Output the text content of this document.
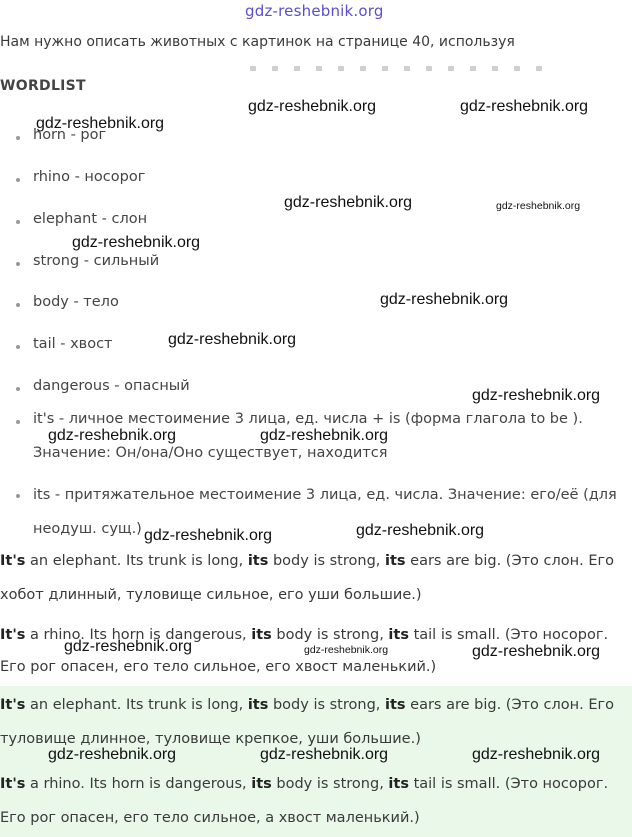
gdz-reshebnik.org
Нам нужно описать животных с картинок на странице 40, используя
WORDLIST
horn - рог
rhino - носорог
elephant - слон
strong - сильный
body - тело
tail - хвост
dangerous - опасный
it's - личное местоимение 3 лица, ед. числа + is (форма глагола to be ). Значение: Он/она/Оно существует, находится
its - притяжательное местоимение 3 лица, ед. числа. Значение: его/её (для неодуш. сущ.)
It's an elephant. Its trunk is long, its body is strong, its ears are big. (Это слон. Его хобот длинный, туловище сильное, его уши большие.)
It's a rhino. Its horn is dangerous, its body is strong, its tail is small. (Это носорог. Его рог опасен, его тело сильное, его хвост маленький.)
It's an elephant. Its trunk is long, its body is strong, its ears are big. (Это слон. Его туловище длинное, туловище крепкое, уши большие.)
It's a rhino. Its horn is dangerous, its body is strong, its tail is small. (Это носорог. Его рог опасен, его тело сильное, а хвост маленький.)
gdz-reshebnik.org	gdz-reshebnik.org
gdz-reshebnik.org
gdz-reshebnik.org	gdz-reshebnik.org
gdz-reshebnik.org
gdz-reshebnik.org
gdz-reshebnik.org
gdz-reshebnik.org
gdz-reshebnik.org	gdz-reshebnik.org
gdz-reshebnik.org	gdz-reshebnik.org
gdz-reshebnik.org	gdz-reshebnik.org	gdz-reshebnik.org
gdz-reshebnik.org	gdz-reshebnik.org	gdz-reshebnik.org
